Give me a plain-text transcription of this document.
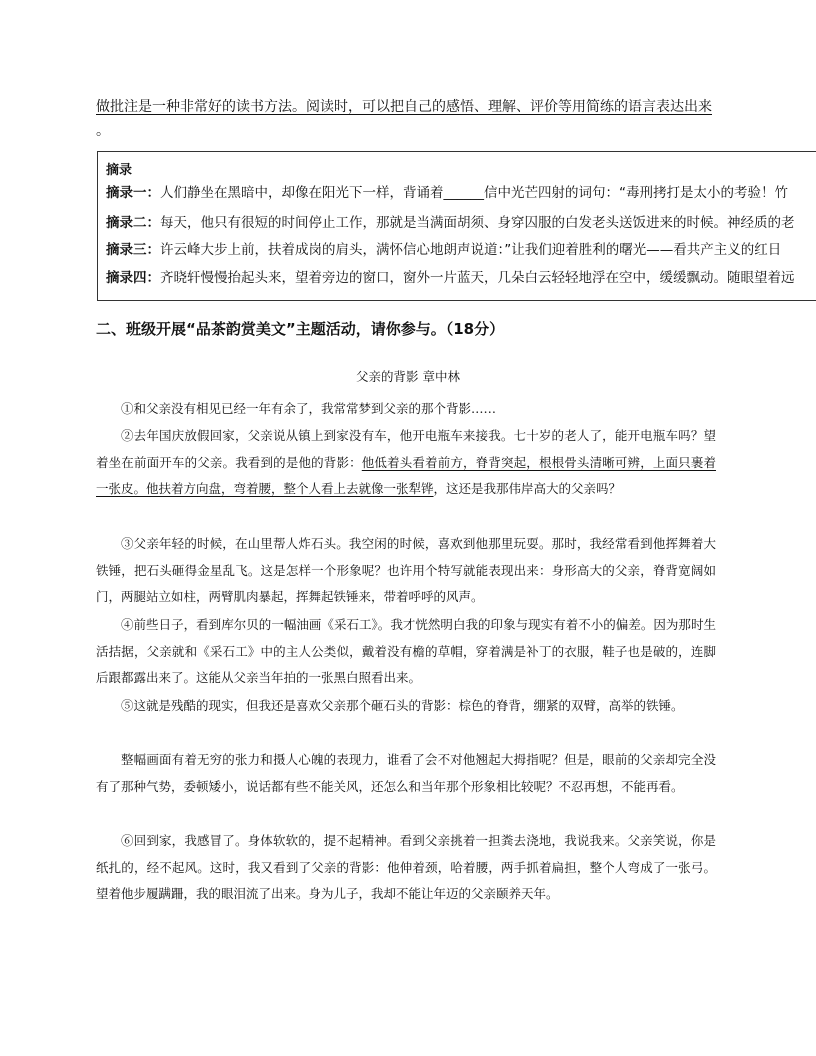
做批注是一种非常好的读书方法。阅读时，可以把自己的感悟、理解、评价等用简练的语言表达出来
。
摘录
摘录一：人们静坐在黑暗中，却像在阳光下一样，背诵着______信中光芒四射的词句：“毒刑拷打是太小的考验！竹
摘录二：每天，他只有很短的时间停止工作，那就是当满面胡须、身穿囚服的白发老头送饭进来的时候。神经质的老
摘录三：许云峰大步上前，扶着成岗的肩头，满怀信心地朗声说道：”让我们迎着胜利的曙光——看共产主义的红日
摘录四：齐晓轩慢慢抬起头来，望着旁边的窗口，窗外一片蓝天，几朵白云轻轻地浮在空中，缓缓飘动。随眼望着远
二、班级开展“品茶韵赏美文”主题活动，请你参与。（18分）
父亲的背影 章中林
①和父亲没有相见已经一年有余了，我常常梦到父亲的那个背影……
②去年国庆放假回家，父亲说从镇上到家没有车，他开电瓶车来接我。七十岁的老人了，能开电瓶车吗？望着坐在前面开车的父亲。我看到的是他的背影：他低着头看着前方，脊背突起，根根骨头清晰可辨，上面只裹着一张皮。他扶着方向盘，弯着腰，整个人看上去就像一张犁铧，这还是我那伟岸高大的父亲吗？
③父亲年轻的时候，在山里帮人炸石头。我空闲的时候，喜欢到他那里玩耍。那时，我经常看到他挥舞着大铁锤，把石头砸得金星乱飞。这是怎样一个形象呢？也许用个特写就能表现出来：身形高大的父亲，脊背宽阔如门，两腿站立如柱，两臂肌肉暴起，挥舞起铁锤来，带着呼呼的风声。
④前些日子，看到库尔贝的一幅油画《采石工》。我才恍然明白我的印象与现实有着不小的偏差。因为那时生活拮据，父亲就和《采石工》中的主人公类似，戴着没有檐的草帽，穿着满是补丁的衣服，鞋子也是破的，连脚后跟都露出来了。这能从父亲当年拍的一张黑白照看出来。
⑤这就是残酷的现实，但我还是喜欢父亲那个砸石头的背影：棕色的脊背，绷紧的双臂，高举的铁锤。
整幅画面有着无穷的张力和摄人心魄的表现力，谁看了会不对他翘起大拇指呢？但是，眼前的父亲却完全没有了那种气势，委顿矮小，说话都有些不能关风，还怎么和当年那个形象相比较呢？不忍再想，不能再看。
⑥回到家，我感冒了。身体软软的，提不起精神。看到父亲挑着一担粪去浇地，我说我来。父亲笑说，你是纸扎的，经不起风。这时，我又看到了父亲的背影：他伸着颈，哈着腰，两手抓着扁担，整个人弯成了一张弓。望着他步履蹒跚，我的眼泪流了出来。身为儿子，我却不能让年迈的父亲颐养天年。
